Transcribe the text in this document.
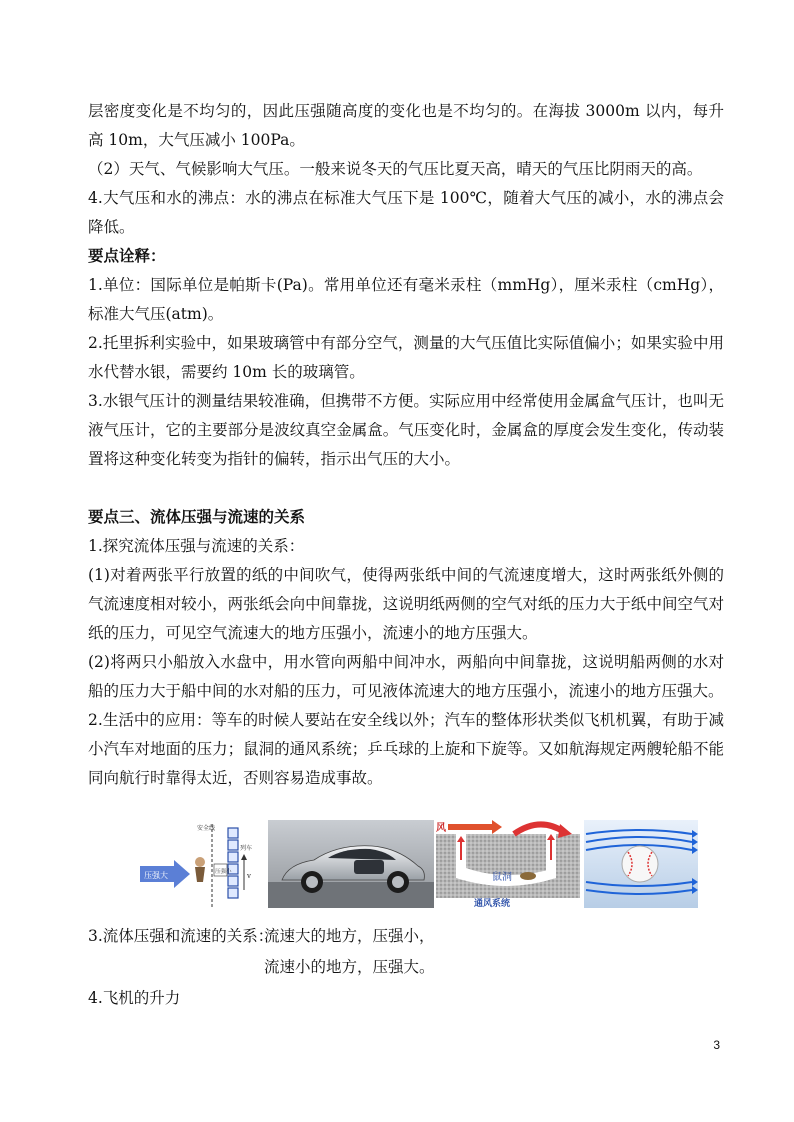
层密度变化是不均匀的，因此压强随高度的变化也是不均匀的。在海拔 3000m 以内，每升高 10m，大气压减小 100Pa。

（2）天气、气候影响大气压。一般来说冬天的气压比夏天高，晴天的气压比阴雨天的高。

4.大气压和水的沸点：水的沸点在标准大气压下是 100℃，随着大气压的减小，水的沸点会降低。

要点诠释：

1.单位：国际单位是帕斯卡(Pa)。常用单位还有毫米汞柱（mmHg），厘米汞柱（cmHg），标准大气压(atm)。

2.托里拆利实验中，如果玻璃管中有部分空气，测量的大气压值比实际值偏小；如果实验中用水代替水银，需要约 10m 长的玻璃管。

3.水银气压计的测量结果较准确，但携带不方便。实际应用中经常使用金属盒气压计，也叫无液气压计，它的主要部分是波纹真空金属盒。气压变化时，金属盒的厚度会发生变化，传动装置将这种变化转变为指针的偏转，指示出气压的大小。

要点三、流体压强与流速的关系

1.探究流体压强与流速的关系：

(1)对着两张平行放置的纸的中间吹气，使得两张纸中间的气流速度增大，这时两张纸外侧的气流速度相对较小，两张纸会向中间靠拢，这说明纸两侧的空气对纸的压力大于纸中间空气对纸的压力，可见空气流速大的地方压强小，流速小的地方压强大。

(2)将两只小船放入水盘中，用水管向两船中间冲水，两船向中间靠拢，这说明船两侧的水对船的压力大于船中间的水对船的压力，可见液体流速大的地方压强小，流速小的地方压强大。

2.生活中的应用：等车的时候人要站在安全线以外；汽车的整体形状类似飞机机翼，有助于减小汽车对地面的压力；鼠洞的通风系统；乒乓球的上旋和下旋等。又如航海规定两艘轮船不能同向航行时靠得太近，否则容易造成事故。

安全线
列车
v
压强大	压强小
风
鼠洞
通风系统
3.流体压强和流速的关系：
流速大的地方，压强小，
流速小的地方，压强大。
4.飞机的升力
3
